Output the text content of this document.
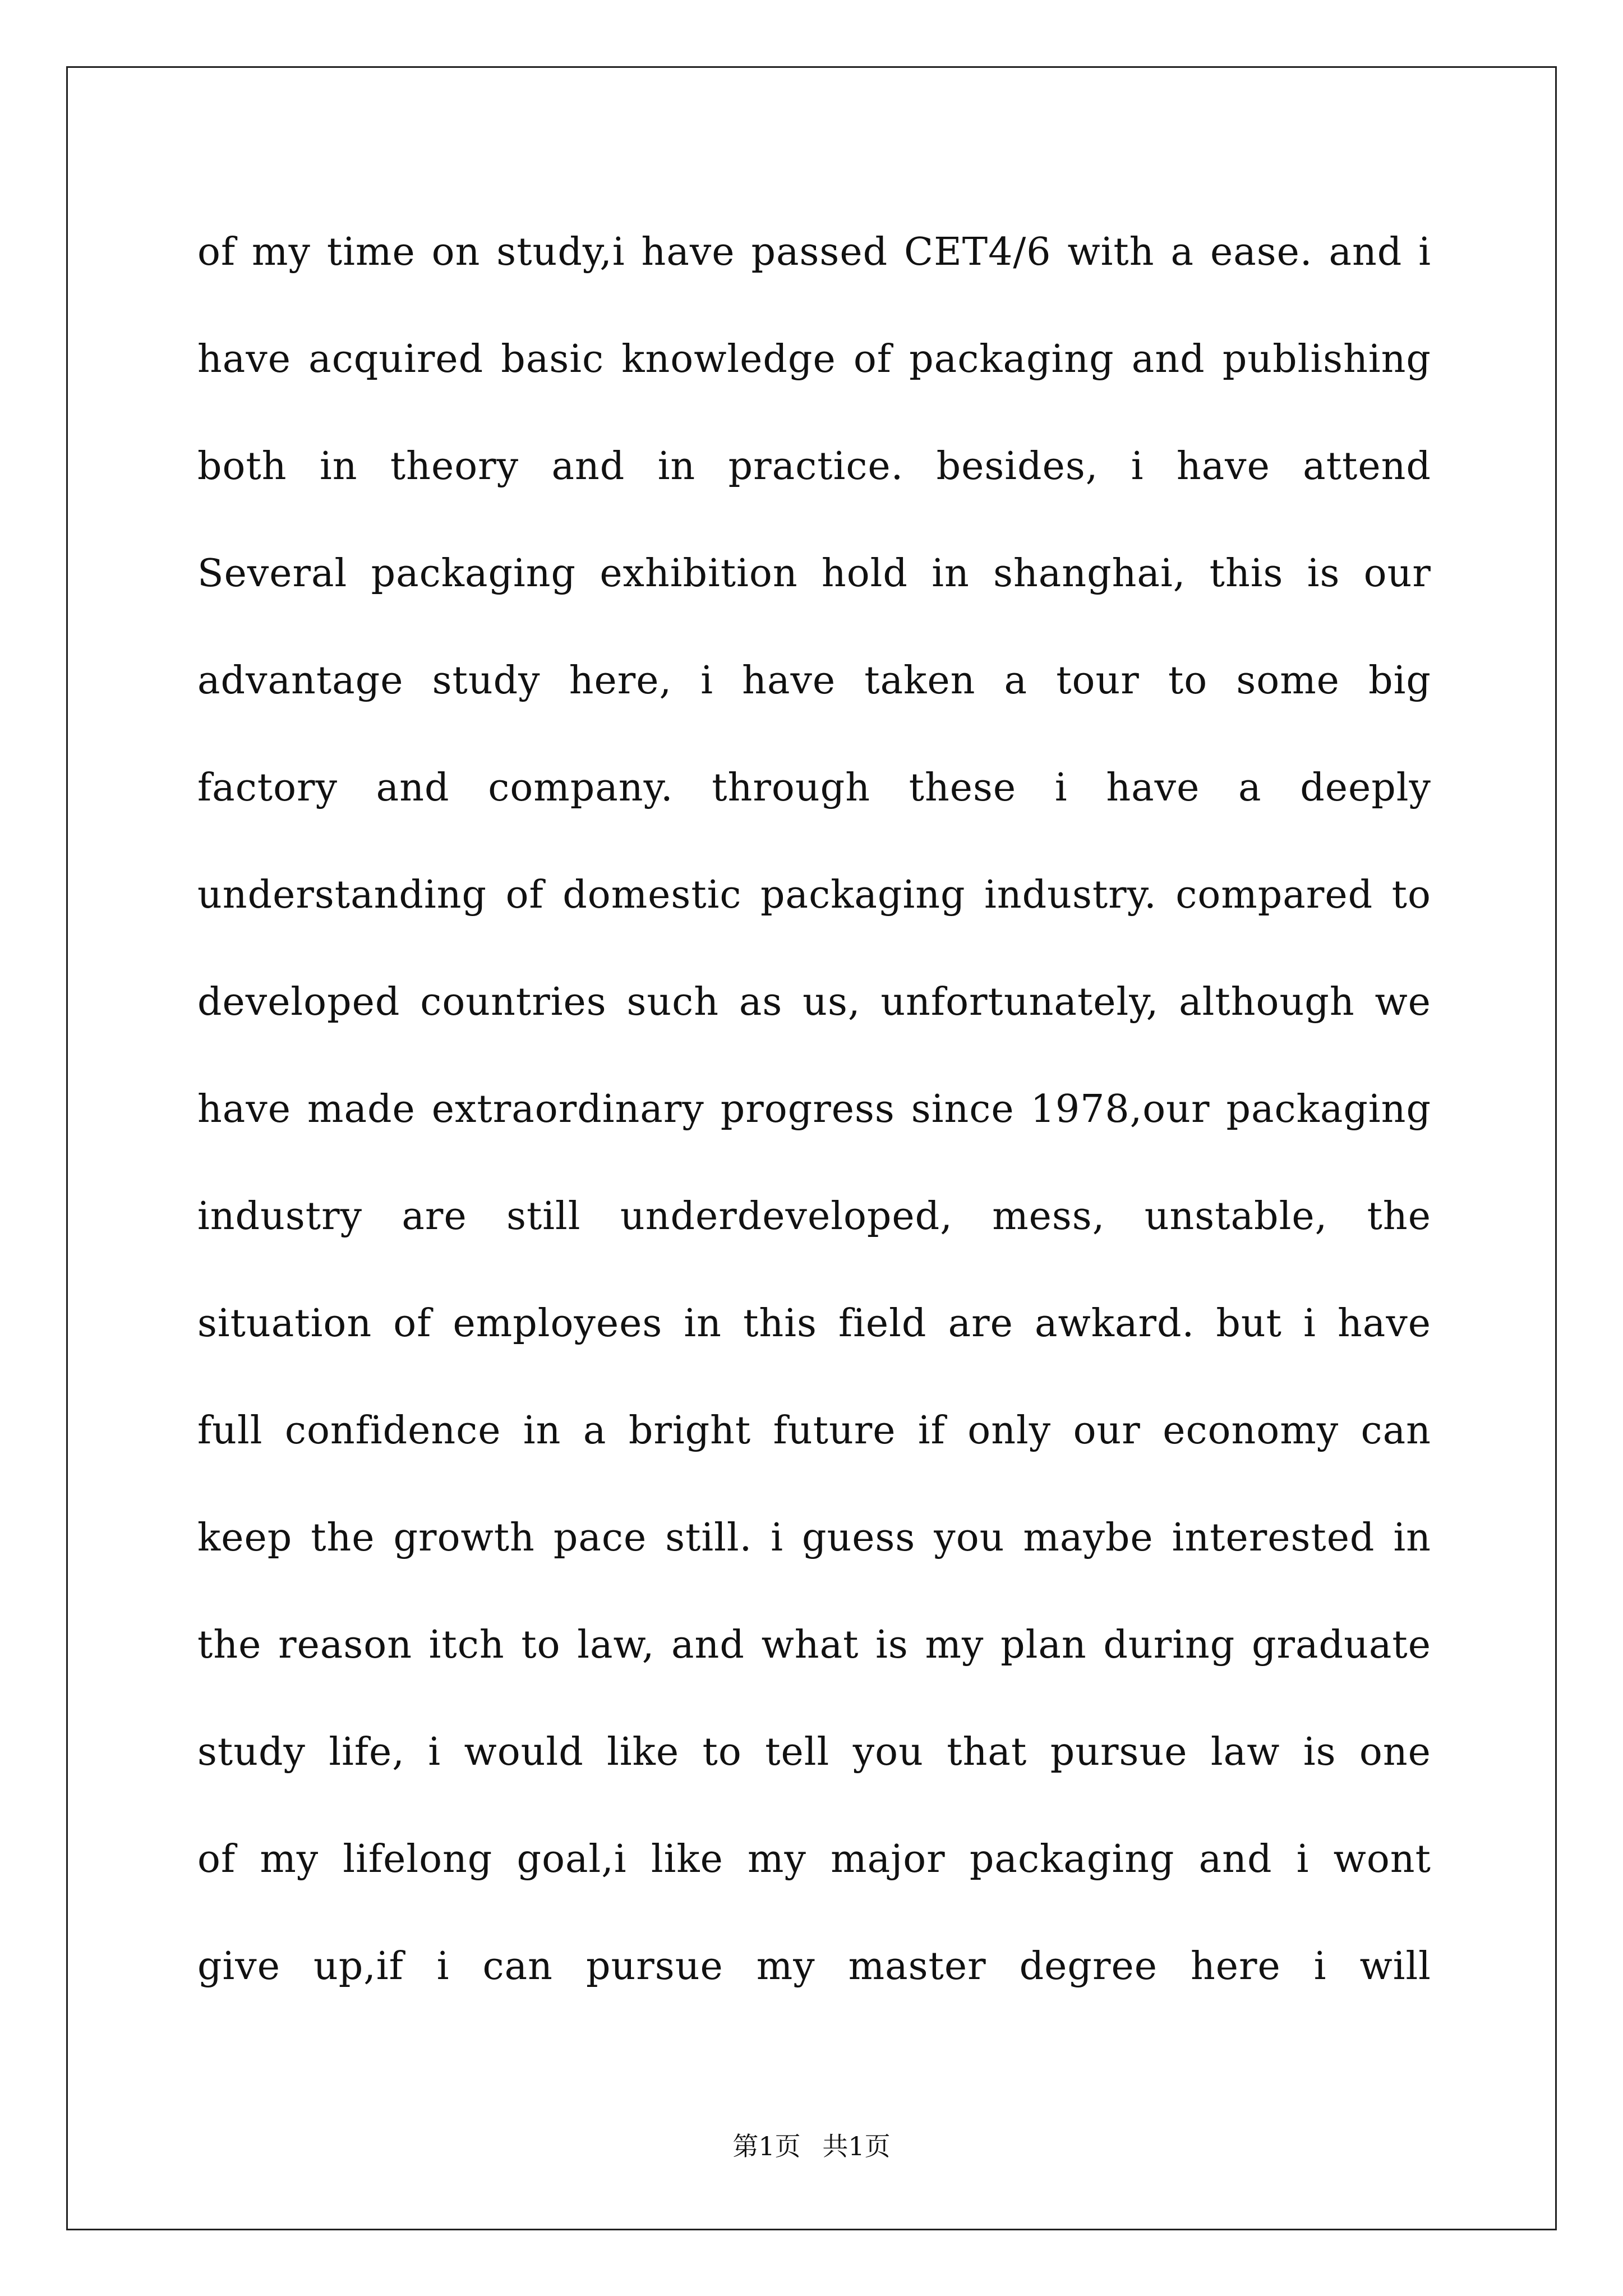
of my time on study,i have passed CET4/6 with a ease. and i
have acquired basic knowledge of packaging and publishing
both in theory and in practice. besides, i have attend
Several packaging exhibition hold in shanghai, this is our
advantage study here, i have taken a tour to some big
factory and company. through these i have a deeply
understanding of domestic packaging industry. compared to
developed countries such as us, unfortunately, although we
have made extraordinary progress since 1978,our packaging
industry are still underdeveloped, mess, unstable, the
situation of employees in this field are awkard. but i have
full confidence in a bright future if only our economy can
keep the growth pace still. i guess you maybe interested in
the reason itch to law, and what is my plan during graduate
study life, i would like to tell you that pursue law is one
of my lifelong goal,i like my major packaging and i wont
give up,if i can pursue my master degree here i will
第1页 共1页
